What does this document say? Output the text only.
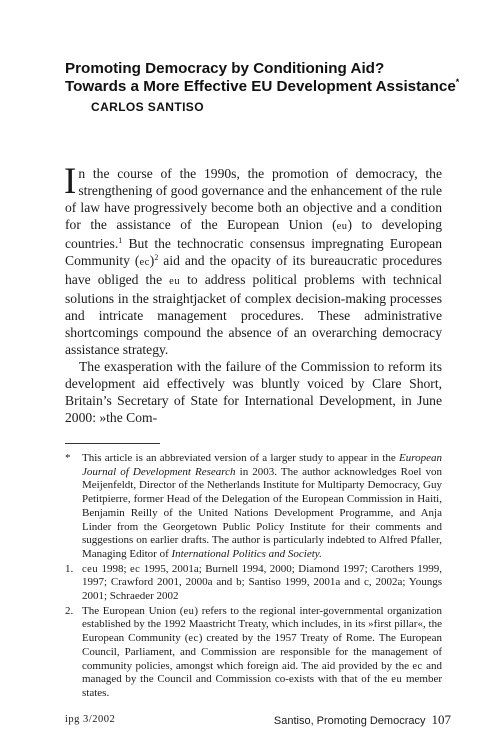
Promoting Democracy by Conditioning Aid?
Towards a More Effective EU Development Assistance*
CARLOS SANTISO

In the course of the 1990s, the promotion of democracy, the strengthening of good governance and the enhancement of the rule of law have progressively become both an objective and a condition for the assistance of the European Union (eu) to developing countries.$^1$ But the technocratic consensus impregnating European Community (ec)$^2$ aid and the opacity of its bureaucratic procedures have obliged the eu to address political problems with technical solutions in the straightjacket of complex decision-making processes and intricate management procedures. These administrative shortcomings compound the absence of an overarching democracy assistance strategy.

The exasperation with the failure of the Commission to reform its development aid effectively was bluntly voiced by Clare Short, Britain’s Secretary of State for International Development, in June 2000: »the Com-

* This article is an abbreviated version of a larger study to appear in the European Journal of Development Research in 2003. The author acknowledges Roel von Meijenfeldt, Director of the Netherlands Institute for Multiparty Democracy, Guy Petitpierre, former Head of the Delegation of the European Commission in Haiti, Benjamin Reilly of the United Nations Development Programme, and Anja Linder from the Georgetown Public Policy Institute for their comments and suggestions on earlier drafts. The author is particularly indebted to Alfred Pfaller, Managing Editor of International Politics and Society.
1. ceu 1998; ec 1995, 2001a; Burnell 1994, 2000; Diamond 1997; Carothers 1999, 1997; Crawford 2001, 2000a and b; Santiso 1999, 2001a and c, 2002a; Youngs 2001; Schraeder 2002
2. The European Union (eu) refers to the regional inter-governmental organization established by the 1992 Maastricht Treaty, which includes, in its »first pillar«, the European Community (ec) created by the 1957 Treaty of Rome. The European Council, Parliament, and Commission are responsible for the management of community policies, amongst which foreign aid. The aid provided by the ec and managed by the Council and Commission co-exists with that of the eu member states.
ipg 3/2002	Santiso, Promoting Democracy 107
